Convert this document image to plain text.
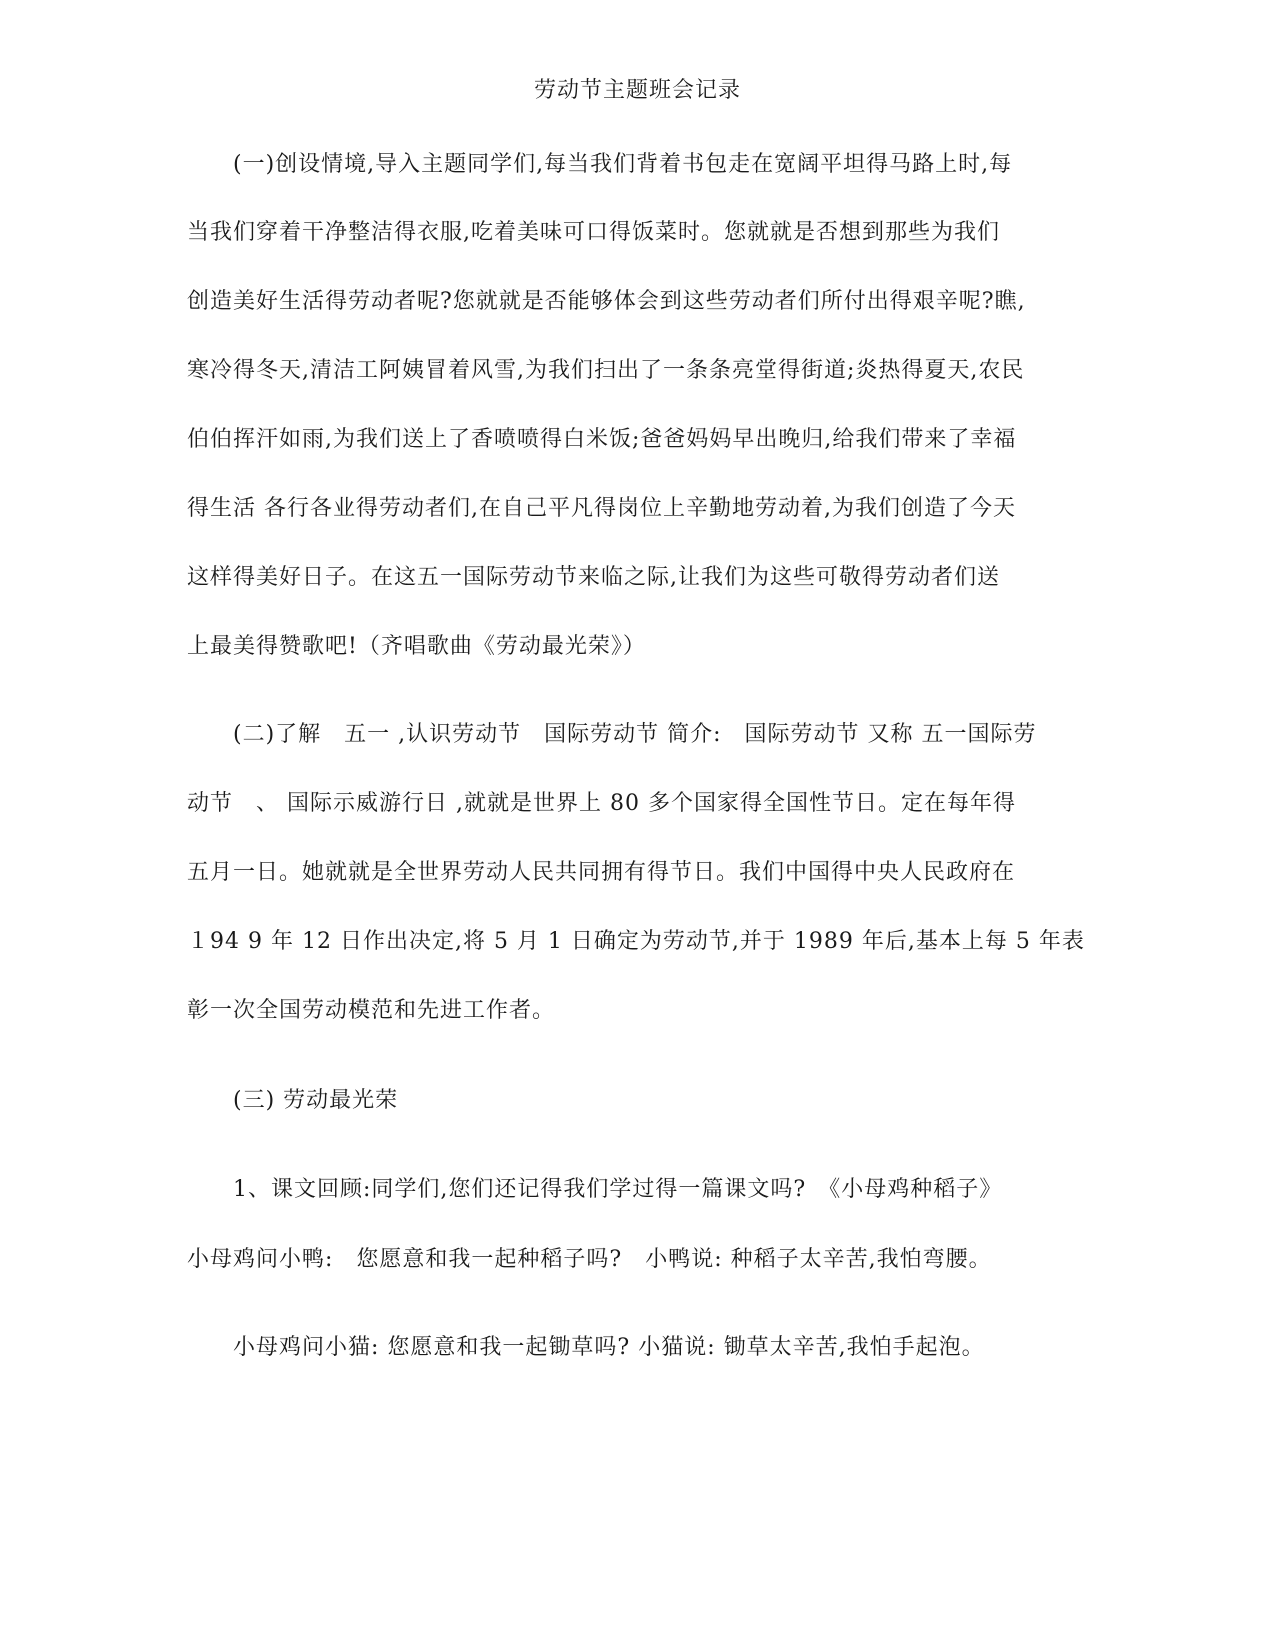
劳动节主题班会记录
(一)创设情境,导入主题同学们,每当我们背着书包走在宽阔平坦得马路上时,每
当我们穿着干净整洁得衣服,吃着美味可口得饭菜时。您就就是否想到那些为我们
创造美好生活得劳动者呢?您就就是否能够体会到这些劳动者们所付出得艰辛呢?瞧,
寒冷得冬天,清洁工阿姨冒着风雪,为我们扫出了一条条亮堂得街道;炎热得夏天,农民
伯伯挥汗如雨,为我们送上了香喷喷得白米饭;爸爸妈妈早出晚归,给我们带来了幸福
得生活 各行各业得劳动者们,在自己平凡得岗位上辛勤地劳动着,为我们创造了今天
这样得美好日子。在这五一国际劳动节来临之际,让我们为这些可敬得劳动者们送
上最美得赞歌吧!（齐唱歌曲《劳动最光荣》）
(二)了解　五一 ,认识劳动节　国际劳动节 简介:　国际劳动节 又称 五一国际劳
动节　、 国际示威游行日 ,就就是世界上 80 多个国家得全国性节日。定在每年得
五月一日。她就就是全世界劳动人民共同拥有得节日。我们中国得中央人民政府在
１94 9 年 12 日作出决定,将 5 月 1 日确定为劳动节,并于 1989 年后,基本上每 5 年表
彰一次全国劳动模范和先进工作者。
(三) 劳动最光荣
1、课文回顾:同学们,您们还记得我们学过得一篇课文吗?　《小母鸡种稻子》
小母鸡问小鸭:　您愿意和我一起种稻子吗?　小鸭说: 种稻子太辛苦,我怕弯腰。
小母鸡问小猫: 您愿意和我一起锄草吗? 小猫说: 锄草太辛苦,我怕手起泡。
